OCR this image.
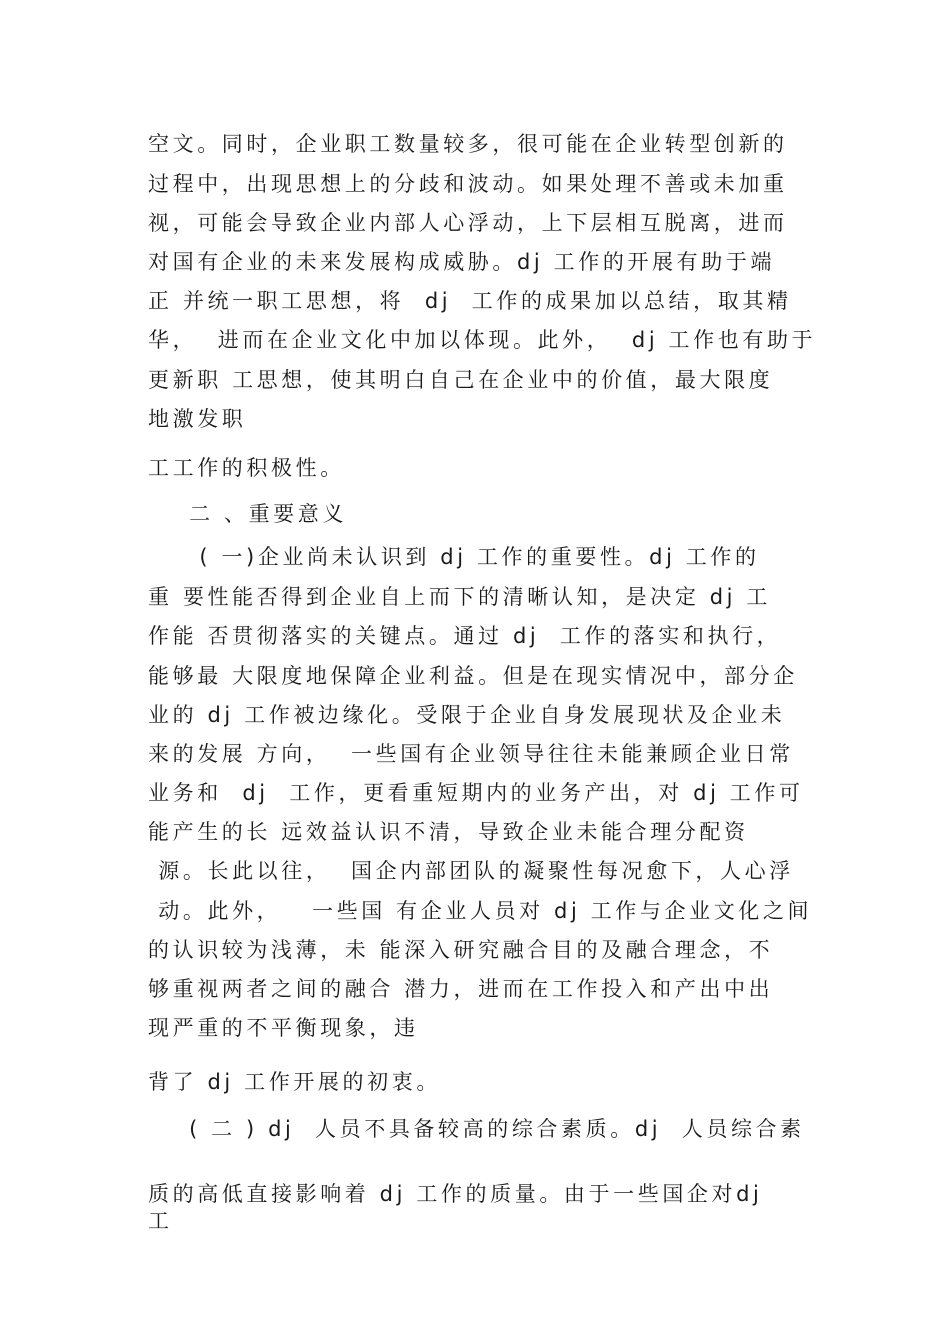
空文。同时，企业职工数量较多，很可能在企业转型创新的
过程中，出现思想上的分歧和波动。如果处理不善或未加重
视，可能会导致企业内部人心浮动，上下层相互脱离，进而
对国有企业的未来发展构成威胁。dj 工作的开展有助于端
正 并统一职工思想，将  dj  工作的成果加以总结，取其精
华，  进而在企业文化中加以体现。此外，  dj 工作也有助于
更新职 工思想，使其明白自己在企业中的价值，最大限度
地激发职
工工作的积极性。
二 、重要意义
( 一)企业尚未认识到 dj 工作的重要性。dj 工作的
重 要性能否得到企业自上而下的清晰认知，是决定 dj 工
作能 否贯彻落实的关键点。通过 dj  工作的落实和执行，
能够最 大限度地保障企业利益。但是在现实情况中，部分企
业的 dj 工作被边缘化。受限于企业自身发展现状及企业未
来的发展 方向，  一些国有企业领导往往未能兼顾企业日常
业务和  dj  工作，更看重短期内的业务产出，对 dj 工作可
能产生的长 远效益认识不清，导致企业未能合理分配资
源。长此以往，  国企内部团队的凝聚性每况愈下，人心浮
动。此外，   一些国 有企业人员对 dj 工作与企业文化之间
的认识较为浅薄，未 能深入研究融合目的及融合理念，不
够重视两者之间的融合 潜力，进而在工作投入和产出中出
现严重的不平衡现象，违
背了 dj 工作开展的初衷。
( 二 ) dj  人员不具备较高的综合素质。dj  人员综合素
质的高低直接影响着 dj 工作的质量。由于一些国企对dj
工
